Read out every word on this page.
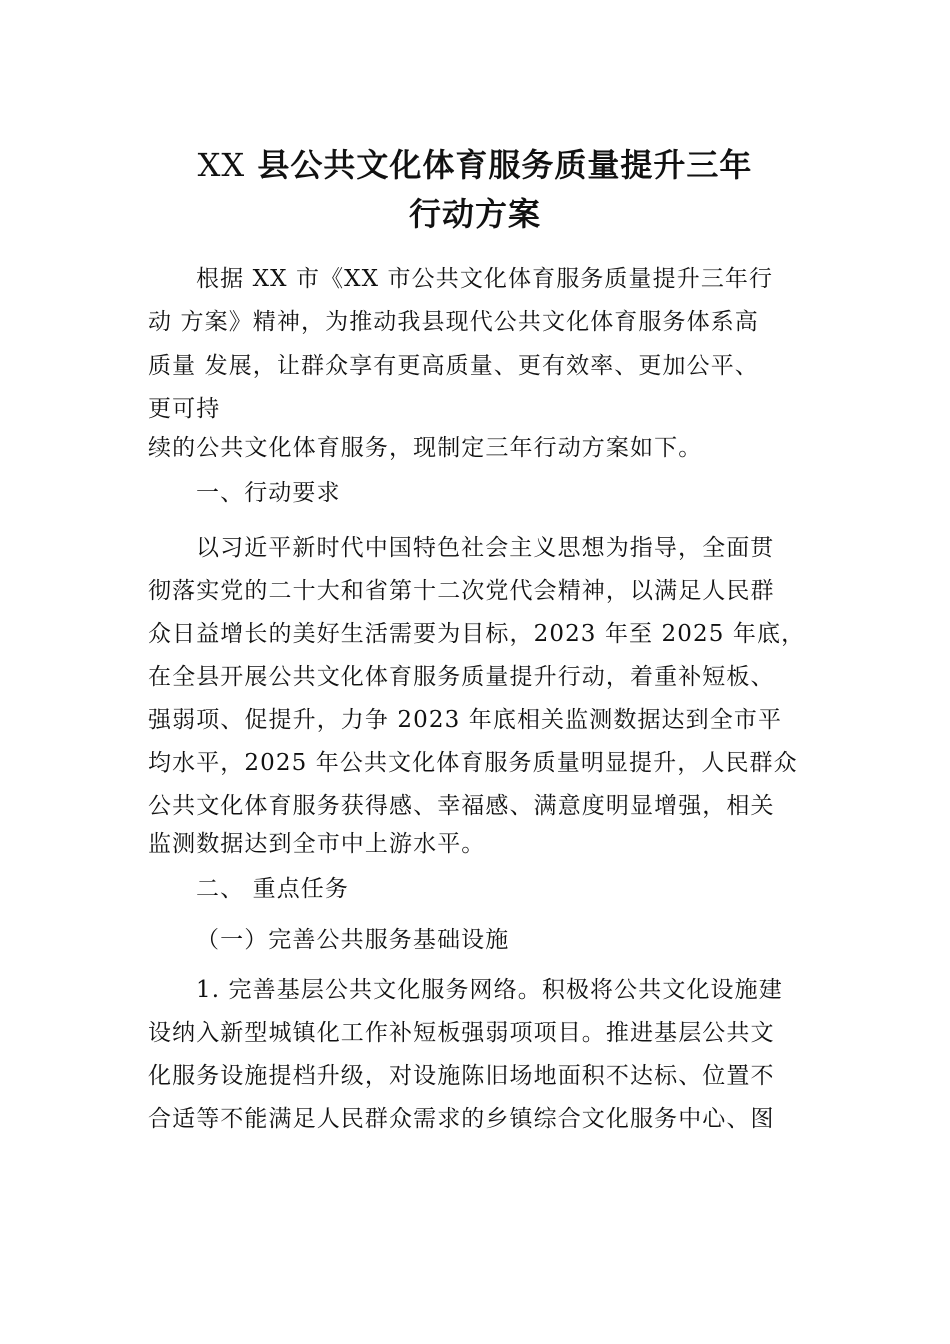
XX 县公共文化体育服务质量提升三年
行动方案
根据 XX 市《XX 市公共文化体育服务质量提升三年行
动 方案》精神，为推动我县现代公共文化体育服务体系高
质量 发展，让群众享有更高质量、更有效率、更加公平、
更可持
续的公共文化体育服务，现制定三年行动方案如下。
一、行动要求
以习近平新时代中国特色社会主义思想为指导，全面贯
彻落实党的二十大和省第十二次党代会精神，以满足人民群
众日益增长的美好生活需要为目标，2023 年至 2025 年底，
在全县开展公共文化体育服务质量提升行动，着重补短板、
强弱项、促提升，力争 2023 年底相关监测数据达到全市平
均水平，2025 年公共文化体育服务质量明显提升，人民群众
公共文化体育服务获得感、幸福感、满意度明显增强，相关
监测数据达到全市中上游水平。
二、 重点任务
（一）完善公共服务基础设施
1. 完善基层公共文化服务网络。积极将公共文化设施建
设纳入新型城镇化工作补短板强弱项项目。推进基层公共文
化服务设施提档升级，对设施陈旧场地面积不达标、位置不
合适等不能满足人民群众需求的乡镇综合文化服务中心、图
